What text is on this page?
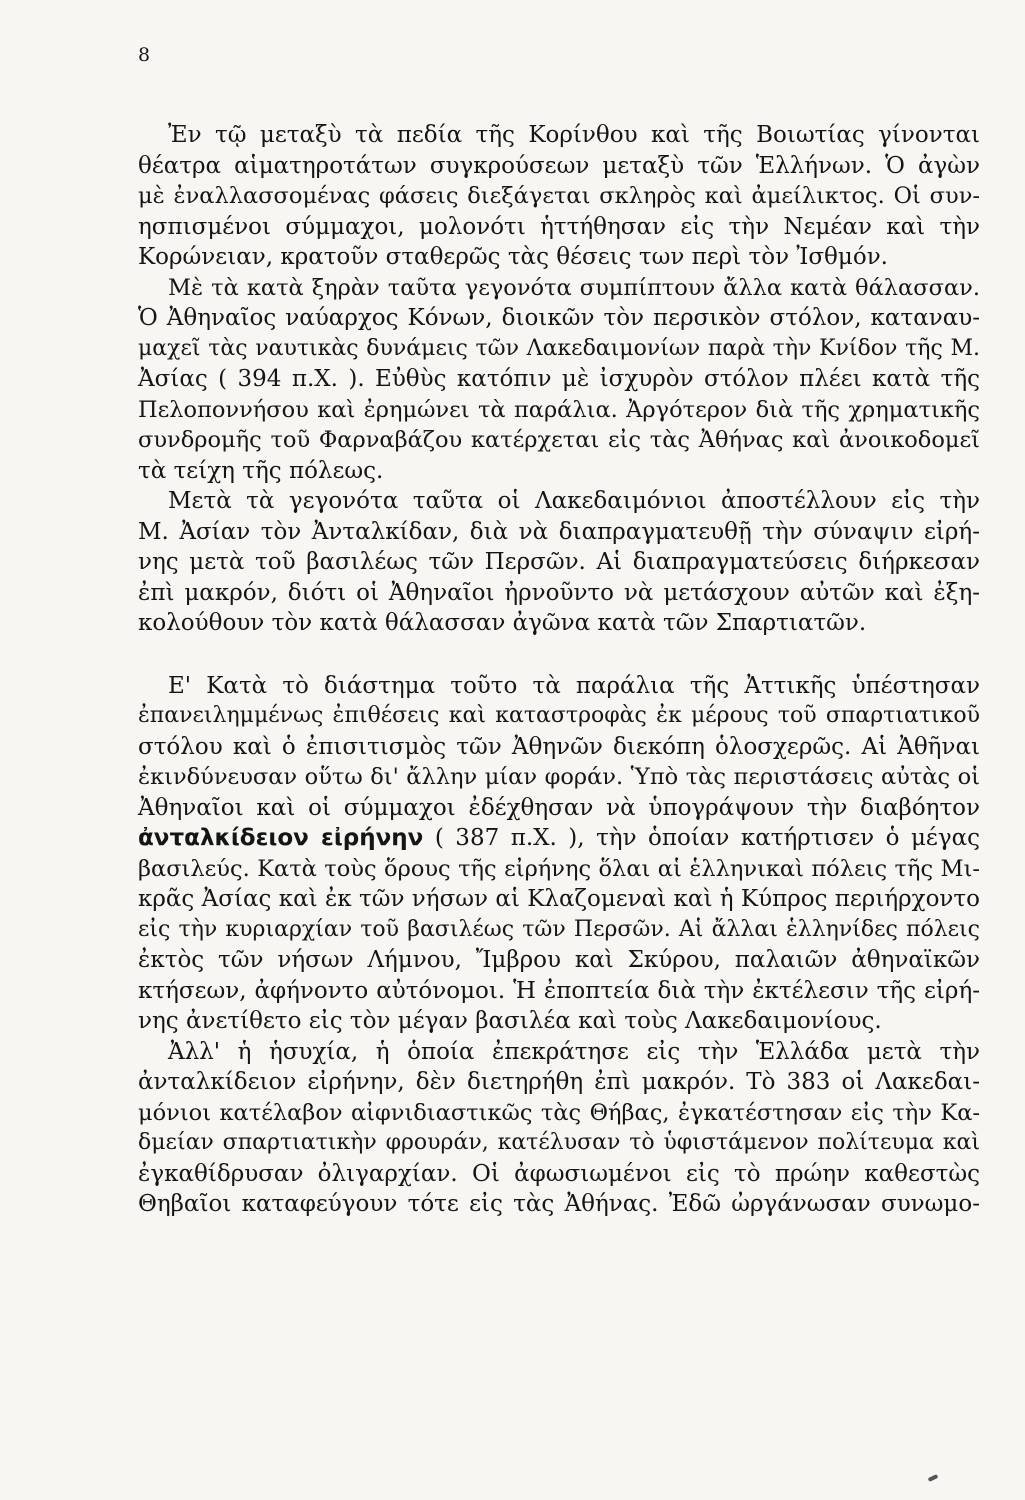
8
Ἐν τῷ μεταξὺ τὰ πεδία τῆς Κορίνθου καὶ τῆς Βοιωτίας γίνονται
θέατρα αἱματηροτάτων συγκρούσεων μεταξὺ τῶν Ἑλλήνων. Ὁ ἀγὼν
μὲ ἐναλλασσομένας φάσεις διεξάγεται σκληρὸς καὶ ἀμείλικτος. Οἱ συν-
ησπισμένοι σύμμαχοι, μολονότι ἡττήθησαν εἰς τὴν Νεμέαν καὶ τὴν
Κορώνειαν, κρατοῦν σταθερῶς τὰς θέσεις των περὶ τὸν Ἰσθμόν.
Μὲ τὰ κατὰ ξηρὰν ταῦτα γεγονότα συμπίπτουν ἄλλα κατὰ θάλασσαν.
Ὁ Ἀθηναῖος ναύαρχος Κόνων, διοικῶν τὸν περσικὸν στόλον, καταναυ-
μαχεῖ τὰς ναυτικὰς δυνάμεις τῶν Λακεδαιμονίων παρὰ τὴν Κνίδον τῆς Μ.
Ἀσίας ( 394 π.Χ. ). Εὐθὺς κατόπιν μὲ ἰσχυρὸν στόλον πλέει κατὰ τῆς
Πελοποννήσου καὶ ἐρημώνει τὰ παράλια. Ἀργότερον διὰ τῆς χρηματικῆς
συνδρομῆς τοῦ Φαρναβάζου κατέρχεται εἰς τὰς Ἀθήνας καὶ ἀνοικοδομεῖ
τὰ τείχη τῆς πόλεως.
Μετὰ τὰ γεγονότα ταῦτα οἱ Λακεδαιμόνιοι ἀποστέλλουν εἰς τὴν
Μ. Ἀσίαν τὸν Ἀνταλκίδαν, διὰ νὰ διαπραγματευθῇ τὴν σύναψιν εἰρή-
νης μετὰ τοῦ βασιλέως τῶν Περσῶν. Αἱ διαπραγματεύσεις διήρκεσαν
ἐπὶ μακρόν, διότι οἱ Ἀθηναῖοι ἠρνοῦντο νὰ μετάσχουν αὐτῶν καὶ ἐξη-
κολούθουν τὸν κατὰ θάλασσαν ἀγῶνα κατὰ τῶν Σπαρτιατῶν.
Ε' Κατὰ τὸ διάστημα τοῦτο τὰ παράλια τῆς Ἀττικῆς ὑπέστησαν
ἐπανειλημμένως ἐπιθέσεις καὶ καταστροφὰς ἐκ μέρους τοῦ σπαρτιατικοῦ
στόλου καὶ ὁ ἐπισιτισμὸς τῶν Ἀθηνῶν διεκόπη ὁλοσχερῶς. Αἱ Ἀθῆναι
ἐκινδύνευσαν οὕτω δι' ἄλλην μίαν φοράν. Ὑπὸ τὰς περιστάσεις αὐτὰς οἱ
Ἀθηναῖοι καὶ οἱ σύμμαχοι ἐδέχθησαν νὰ ὑπογράψουν τὴν διαβόητον
ἀνταλκίδειον εἰρήνην ( 387 π.Χ. ), τὴν ὁποίαν κατήρτισεν ὁ μέγας
βασιλεύς. Κατὰ τοὺς ὅρους τῆς εἰρήνης ὅλαι αἱ ἑλληνικαὶ πόλεις τῆς Μι-
κρᾶς Ἀσίας καὶ ἐκ τῶν νήσων αἱ Κλαζομεναὶ καὶ ἡ Κύπρος περιήρχοντο
εἰς τὴν κυριαρχίαν τοῦ βασιλέως τῶν Περσῶν. Αἱ ἄλλαι ἑλληνίδες πόλεις
ἐκτὸς τῶν νήσων Λήμνου, Ἴμβρου καὶ Σκύρου, παλαιῶν ἀθηναϊκῶν
κτήσεων, ἀφήνοντο αὐτόνομοι. Ἡ ἐποπτεία διὰ τὴν ἐκτέλεσιν τῆς εἰρή-
νης ἀνετίθετο εἰς τὸν μέγαν βασιλέα καὶ τοὺς Λακεδαιμονίους.
Ἀλλ' ἡ ἡσυχία, ἡ ὁποία ἐπεκράτησε εἰς τὴν Ἑλλάδα μετὰ τὴν
ἀνταλκίδειον εἰρήνην, δὲν διετηρήθη ἐπὶ μακρόν. Τὸ 383 οἱ Λακεδαι-
μόνιοι κατέλαβον αἰφνιδιαστικῶς τὰς Θήβας, ἐγκατέστησαν εἰς τὴν Κα-
δμείαν σπαρτιατικὴν φρουράν, κατέλυσαν τὸ ὑφιστάμενον πολίτευμα καὶ
ἐγκαθίδρυσαν ὀλιγαρχίαν. Οἱ ἀφωσιωμένοι εἰς τὸ πρώην καθεστὼς
Θηβαῖοι καταφεύγουν τότε εἰς τὰς Ἀθήνας. Ἐδῶ ὠργάνωσαν συνωμο-
